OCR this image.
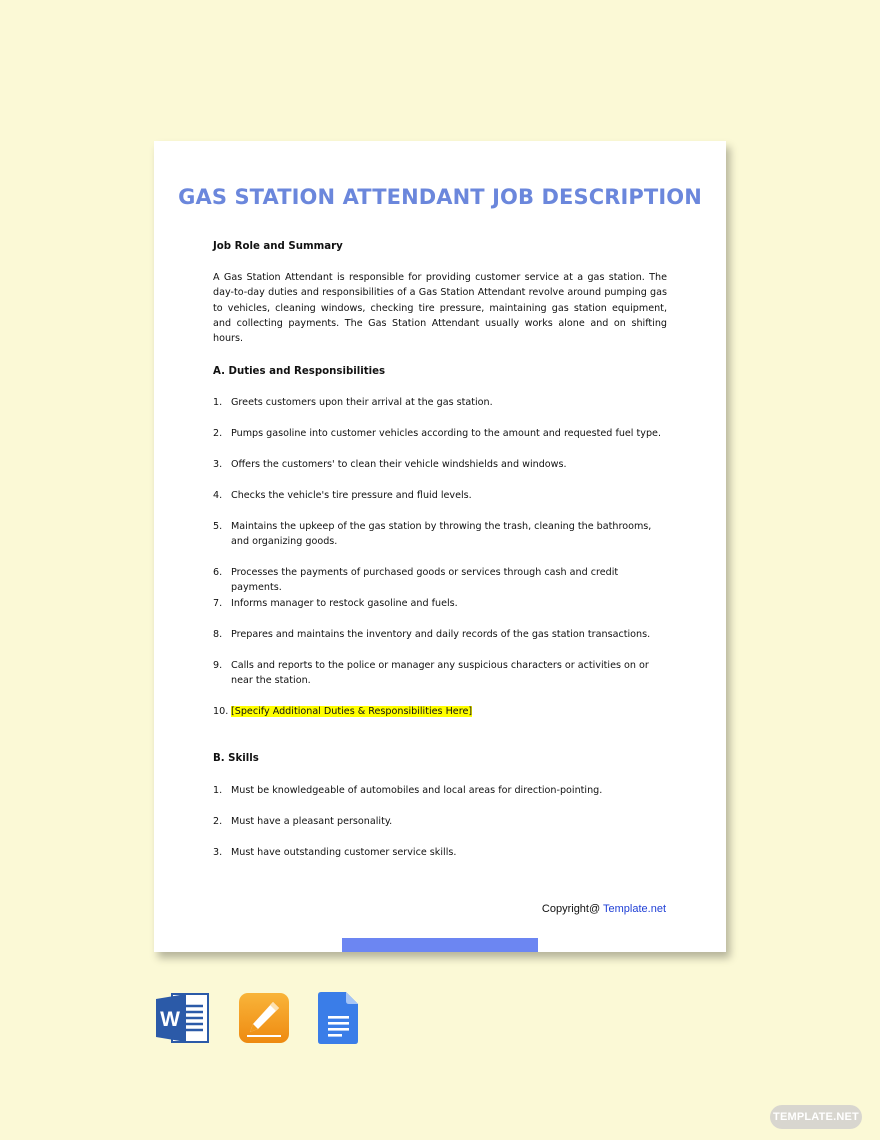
GAS STATION ATTENDANT JOB DESCRIPTION
Job Role and Summary
A Gas Station Attendant is responsible for providing customer service at a gas station. The day-to-day duties and responsibilities of a Gas Station Attendant revolve around pumping gas to vehicles, cleaning windows, checking tire pressure, maintaining gas station equipment, and collecting payments. The Gas Station Attendant usually works alone and on shifting hours.
A. Duties and Responsibilities
1. Greets customers upon their arrival at the gas station.
2. Pumps gasoline into customer vehicles according to the amount and requested fuel type.
3. Offers the customers' to clean their vehicle windshields and windows.
4. Checks the vehicle's tire pressure and fluid levels.
5. Maintains the upkeep of the gas station by throwing the trash, cleaning the bathrooms, and organizing goods.
6. Processes the payments of purchased goods or services through cash and credit payments.
7. Informs manager to restock gasoline and fuels.
8. Prepares and maintains the inventory and daily records of the gas station transactions.
9. Calls and reports to the police or manager any suspicious characters or activities on or near the station.
10. [Specify Additional Duties & Responsibilities Here]
B. Skills
1. Must be knowledgeable of automobiles and local areas for direction-pointing.
2. Must have a pleasant personality.
3. Must have outstanding customer service skills.
Copyright@ Template.net
W
TEMPLATE.NET
